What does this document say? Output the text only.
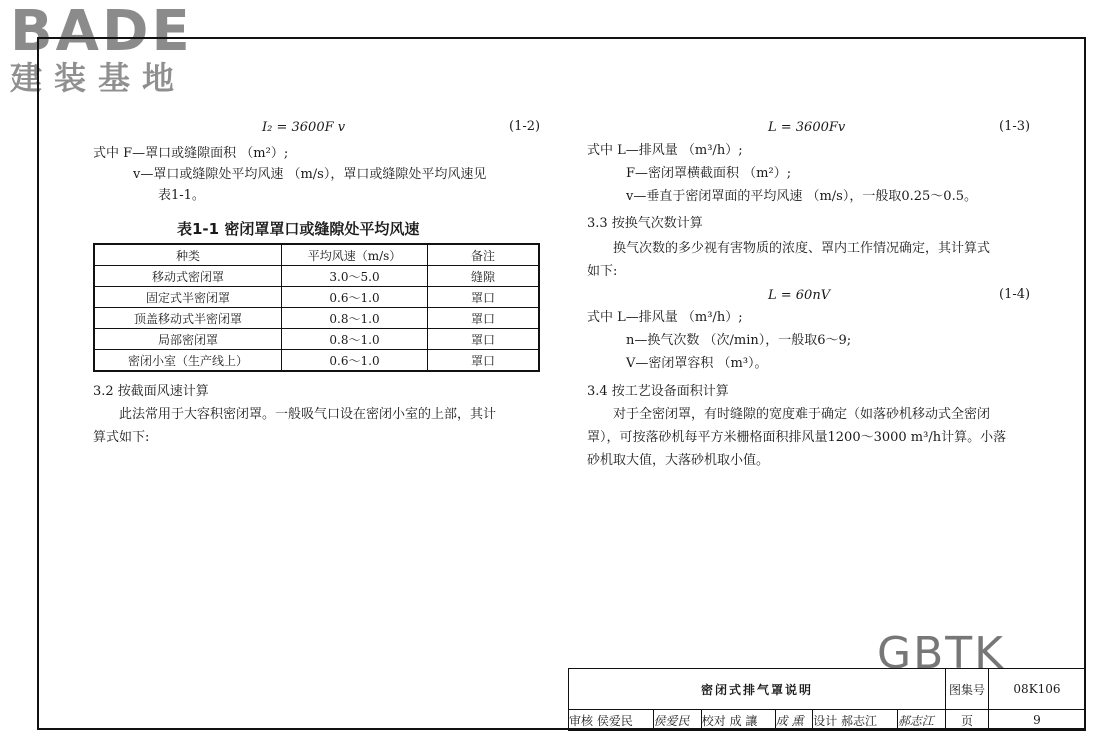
BADE
建装基地
I₂ = 3600F v	(1-2)
式中 F—罩口或缝隙面积 （m²）;
v—罩口或缝隙处平均风速 （m/s），罩口或缝隙处平均风速见
表1-1。
表1-1 密闭罩罩口或缝隙处平均风速
种类	平均风速（m/s）	备注
移动式密闭罩	3.0～5.0	缝隙
固定式半密闭罩	0.6～1.0	罩口
顶盖移动式半密闭罩	0.8～1.0	罩口
局部密闭罩	0.8～1.0	罩口
密闭小室（生产线上）	0.6～1.0	罩口
3.2 按截面风速计算
此法常用于大容积密闭罩。一般吸气口设在密闭小室的上部，其计
算式如下:
L = 3600Fv	(1-3)
式中 L—排风量 （m³/h）;
F—密闭罩横截面积 （m²）;
v—垂直于密闭罩面的平均风速 （m/s），一般取0.25～0.5。
3.3 按换气次数计算
换气次数的多少视有害物质的浓度、罩内工作情况确定，其计算式
如下:
L = 60nV	(1-4)
式中 L—排风量 （m³/h）;
n—换气次数 （次/min），一般取6～9;
V—密闭罩容积 （m³）。
3.4 按工艺设备面积计算
对于全密闭罩，有时缝隙的宽度难于确定（如落砂机移动式全密闭
罩），可按落砂机每平方米栅格面积排风量1200～3000 m³/h计算。小落
砂机取大值，大落砂机取小值。
GBTK
密闭式排气罩说明						图集号	08K106
审核 侯爱民	侯爱民	校对 成 讓	成 熏	设计 郝志江	郝志江	页	9
